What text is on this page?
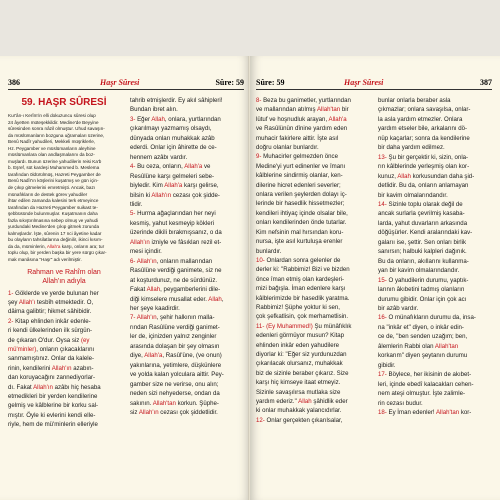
386	Haşr Sûresi	Sûre: 59
59. HAŞR SÛRESİ
Kur'ân-ı Kerîm'in elli dokuzuncu sûresi olup
24 âyetten müteşekkildir. Medine'de Beyyine
sûresinden sonra nâzil olmuştur. Uhud savaşın-
da müslümanların bozguna uğramaları üzerine,
Benû Nadîr yahudileri, Mekkeli müşriklerle,
Hz. Peygamber ve müslümanların aleyhine
müslümanlara olan andlaşmalarını da boz-
muşlardı. Bunun üzerine yahudilerin reisi Ka'b
b. Eşref, süt kardeşi Muhammed b. Meslema
tarafından öldürülmüş, Hazreti Peygamber de
Benû Nadîr'ın köşlerini kuşatmış ve gün için-
de çıkıp gitmelerini emretmişti. Ancak, bazı
münafıkların de destek görev yahudiler
ihtar edilen zamanda kalesini terk etmeyince
tarafından da Hazreti Peygamber suikast te-
şebbüsünde bulunmuşlar. Kuşatmanın daha
fazla sıkıştırılmasına sebep olmuş ve yahudi
yurdundaki Medine'den çıkıp gitmek zorunda
kalmışlardır. İşte, sûrenin 17 nci âyetine kadar
bu olayların tahsilatlarına değinilir, ikinci kısım-
da da, müminlerin, Allah'a karşı, onların ara; tur
toplu olup, bir yerden başka bir yere sürgü çıkar-
mak manâsına "Haşr" adı verilmiştir.
Rahman ve Rahîm olan
Allah'ın adıyla
1- Göklerde ve yerde bulunan her
şey Allah'ı tesbîh etmektedir. O,
dâima galibtir; hikmet sâhibidir.
2- Kitap ehlinden inkâr edenle-
ri kendi ülkelerinden ilk sürgün-
de çıkaran O'dur. Oysa siz (ey
mü'minler), onların çıkacaklarını
sanmamıştınız. Onlar da kalele-
rinin, kendilerini Allah'ın azabın-
dan koruyacağını zannediyorlar-
dı. Fakat Allah'ın azâbı hiç hesaba
etmedikleri bir yerden kendilerine
gelmiş ve kâlblerine bir korku sal-
mıştır. Öyle ki evlerini kendi elle-
riyle, hem de mü'minlerin elleriyle
tahrib etmişlerdir. Ey akıl sâhipleri!
Bundan ibret alın.
3- Eğer Allah, onlara, yurtlarından
çıkarılmayı yazmamış olsaydı,
dünyada onları muhakkak azâb
ederdi. Onlar için âhirette de ce-
hennem azâbı vardır.
4- Bu ceza, onların, Allah'a ve
Resûlüne karşı gelmeleri sebe-
biyledir. Kim Allah'a karşı gelirse,
bilsin ki Allah'ın cezası çok şidde-
tlidir.
5- Hurma ağaçlarından her neyi
kesmiş, yahut kesmeyip kökleri
üzerinde dikili bırakmışsanız, o da
Allah'ın izniyle ve fâsıkları rezil et-
mesi içindir.
6- Allah'ın, onların mallarından
Rasûlüne verdiği ganimete, siz ne
at koşturdunuz, ne de sürdünüz.
Fakat Allah, peygamberlerini dile-
diği kimselere musallat eder. Allah,
her şeye kaadirdir.
7- Allah'ın, şehir halkının malla-
rından Rasûlüne verdiği ganimet-
ler de, içinizden yalnız zenginler
arasında dolaşan bir şey olmasın
diye, Allah'a, Rasûl'üne, (ve onun)
yakınlarına, yetimlere, düşkünlere
ve yolda kalan yolculara aittir. Pey-
gamber size ne verirse, onu alın;
neden sizi nehyederse, ondan da
sakının. Allah'tan korkun. Şüphe-
siz Allah'ın cezası çok şiddetlidir.
Sûre: 59	Haşr Sûresi	387
8- Beza bu ganimetler, yurtlarından
ve mallarından atılmış Allah'tan bir
lütuf ve hoşnudluk arayan, Allah'a
ve Rasûlünün dînine yardım eden
muhacir fakirlere aittir. İşte asıl
doğru olanlar bunlardır.
9- Muhacirler gelmezden önce
Medine'yi yurt edinenler ve îmanı
kâlblerine sindirmiş olanlar, ken-
dilerine hicret edenleri severler;
onlara verilen şeylerden dolayı iç-
lerinde bir hasedlik hissetmezler;
kendileri ihtiyaç içinde olsalar bile,
onları kendilerinden önde tutarlar.
Kim nefsinin mal hırsından koru-
nursa, işte asıl kurtuluşa erenler
bunlardır.
10- Onlardan sonra gelenler de
derler ki: "Rabbimiz! Bizi ve bizden
önce îman etmiş olan kardeşleri-
mizi bağışla. İman edenlere karşı
kâlblerimizde bir hasedlik yaratma.
Rabbimiz! Şüphe yoktur ki sen,
çok şefkatlisin, çok merhametlisin.
11- (Ey Muhammed!) Şu münâfıklık
edenleri görmüyor musun? Kitap
ehlinden inkâr eden yahudilere
diyorlar ki: "Eğer siz yurdunuzdan
çıkarılacak olursanız, muhakkak
biz de sizinle beraber çıkarız. Size
karşı hiç kimseye itaat etmeyiz.
Sizinle savaşılırsa mutlaka size
yardım ederiz." Allah şâhidlik eder
ki onlar muhakkak yalancıdırlar.
12- Onlar gerçekten çıkarılsalar,
bunlar onlarla beraber asla
çıkmazlar; onlara savaşılsa, onlar-
la asla yardım etmezler. Onlara
yardım etseler bile, arkalarını dö-
nüp kaçarlar; sonra da kendilerine
bir daha yardım edilmez.
13- Şu bir gerçektir ki, sizin, onla-
rın kâlblerinde yerleşmiş olan kor-
kunuz, Allah korkusundan daha şid-
detlidir. Bu da, onların anlamayan
bir kavim olmalarındandır.
14- Sizinle toplu olarak değil de
ancak surlarla çevrilmiş kasaba-
larda, yahut duvarların arkasında
döğüşürler. Kendi aralarındaki kav-
galarıı ise, şettir. Sen onları birlik
sanırsın; halbuki kalpleri dağınık.
Bu da onların, akıllarını kullanma-
yan bir kavim olmalarındandır.
15- O yahudilerin durumu, yaptık-
larının âkıbetini tadmış olanların
durumu gibidir. Onlar için çok acı
bir azâb vardır.
16- O münafıkların durumu da, insa-
na "inkâr et" diyen, o inkâr edin-
ce de, "ben senden uzağım; ben,
âlemlerin Rabbi olan Allah'tan
korkarım" diyen şeytanın durumu
gibidir.
17- Böylece, her ikisinin de akıbet-
leri, içinde ebedî kalacakları cehen-
nem ateşi olmuştur. İşte zalimle-
rin cezası budur.
18- Ey İman edenler! Allah'tan kor-
